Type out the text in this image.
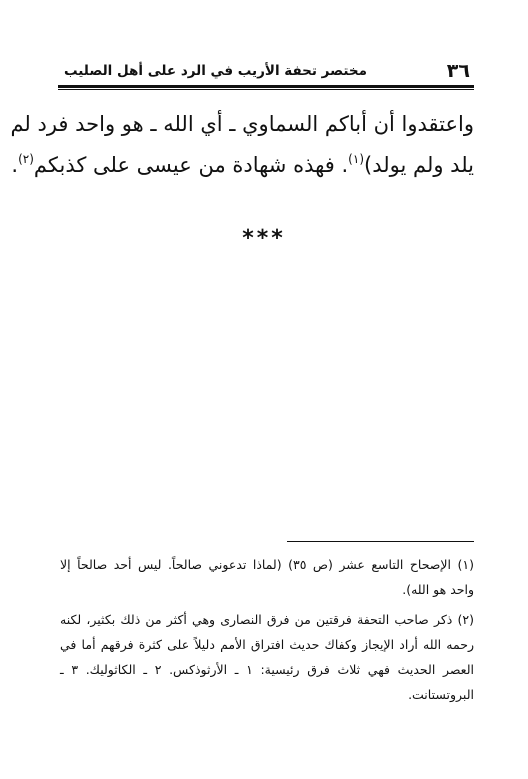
٣٦
مختصر تحفة الأريب في الرد على أهل الصليب
واعتقدوا أن أباكم السماوي ـ أي الله ـ هو واحد فرد لم
يلد ولم يولد)$^{(١)}$. فهذه شهادة من عيسى على كذبكم$^{(٢)}$.
***
(١) الإصحاح التاسع عشر (ص ٣٥) (لماذا تدعوني صالحاً. ليس أحد صالحاً إلا
واحد هو الله).
(٢) ذكر صاحب التحفة فرقتين من فرق النصارى وهي أكثر من ذلك بكثير، لكنه
رحمه الله أراد الإيجاز وكفاك حديث افتراق الأمم دليلاً على كثرة فرقهم أما في
العصر الحديث فهي ثلاث فرق رئيسية: ١ ـ الأرثوذكس. ٢ ـ الكاثوليك. ٣ ـ
البروتستانت.
